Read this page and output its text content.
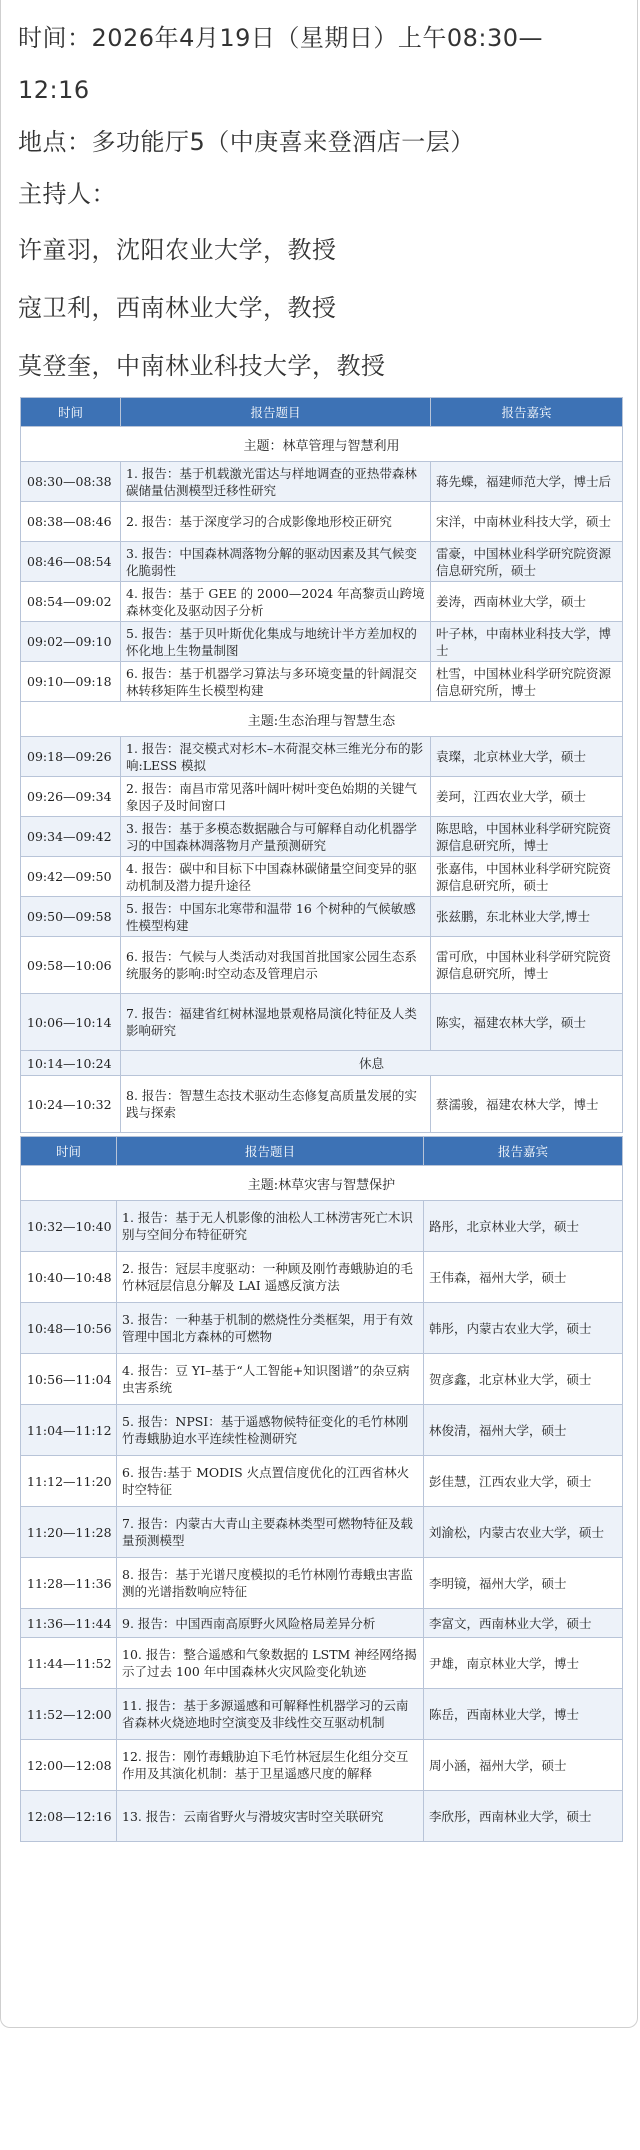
时间：2026年4月19日（星期日）上午08:30—

12:16

地点：多功能厅5（中庚喜来登酒店一层）

主持人：

许童羽，沈阳农业大学，教授

寇卫利，西南林业大学，教授

莫登奎，中南林业科技大学，教授

时间	报告题目	报告嘉宾
主题：林草管理与智慧利用		
08:30—08:38	1. 报告：基于机载激光雷达与样地调查的亚热带森林碳储量估测模型迁移性研究	蒋先蝶，福建师范大学，博士后
08:38—08:46	2. 报告：基于深度学习的合成影像地形校正研究	宋洋，中南林业科技大学，硕士
08:46—08:54	3. 报告：中国森林凋落物分解的驱动因素及其气候变化脆弱性	雷豪，中国林业科学研究院资源信息研究所，硕士
08:54—09:02	4. 报告：基于 GEE 的 2000—2024 年高黎贡山跨境森林变化及驱动因子分析	姜涛，西南林业大学，硕士
09:02—09:10	5. 报告：基于贝叶斯优化集成与地统计半方差加权的怀化地上生物量制图	叶子林，中南林业科技大学，博士
09:10—09:18	6. 报告：基于机器学习算法与多环境变量的针阔混交林转移矩阵生长模型构建	杜雪，中国林业科学研究院资源信息研究所，博士
主题:生态治理与智慧生态		
09:18—09:26	1. 报告：混交模式对杉木–木荷混交林三维光分布的影响:LESS 模拟	袁璨，北京林业大学，硕士
09:26—09:34	2. 报告：南昌市常见落叶阔叶树叶变色始期的关键气象因子及时间窗口	姜珂，江西农业大学，硕士
09:34—09:42	3. 报告：基于多模态数据融合与可解释自动化机器学习的中国森林凋落物月产量预测研究	陈思晗，中国林业科学研究院资源信息研究所，博士
09:42—09:50	4. 报告：碳中和目标下中国森林碳储量空间变异的驱动机制及潜力提升途径	张嘉伟，中国林业科学研究院资源信息研究所，硕士
09:50—09:58	5. 报告：中国东北寒带和温带 16 个树种的气候敏感性模型构建	张兹鹏，东北林业大学,博士
09:58—10:06	6. 报告：气候与人类活动对我国首批国家公园生态系统服务的影响:时空动态及管理启示	雷可欣，中国林业科学研究院资源信息研究所，博士
10:06—10:14	7. 报告：福建省红树林湿地景观格局演化特征及人类影响研究	陈实，福建农林大学，硕士
10:14—10:24	休息	
10:24—10:32	8. 报告：智慧生态技术驱动生态修复高质量发展的实践与探索	蔡濡骏，福建农林大学，博士
时间	报告题目	报告嘉宾
主题:林草灾害与智慧保护		
10:32—10:40	1. 报告：基于无人机影像的油松人工林涝害死亡木识别与空间分布特征研究	路彤，北京林业大学，硕士
10:40—10:48	2. 报告：冠层丰度驱动：一种顾及刚竹毒蛾胁迫的毛竹林冠层信息分解及 LAI 遥感反演方法	王伟森，福州大学，硕士
10:48—10:56	3. 报告：一种基于机制的燃烧性分类框架，用于有效管理中国北方森林的可燃物	韩彤，内蒙古农业大学，硕士
10:56—11:04	4. 报告：豆 YI–基于“人工智能+知识图谱”的杂豆病虫害系统	贺彦鑫，北京林业大学，硕士
11:04—11:12	5. 报告：NPSI：基于遥感物候特征变化的毛竹林刚竹毒蛾胁迫水平连续性检测研究	林俊清，福州大学，硕士
11:12—11:20	6. 报告:基于 MODIS 火点置信度优化的江西省林火时空特征	彭佳慧，江西农业大学，硕士
11:20—11:28	7. 报告：内蒙古大青山主要森林类型可燃物特征及载量预测模型	刘渝松，内蒙古农业大学，硕士
11:28—11:36	8. 报告：基于光谱尺度模拟的毛竹林刚竹毒蛾虫害监测的光谱指数响应特征	李明镜，福州大学，硕士
11:36—11:44	9. 报告：中国西南高原野火风险格局差异分析	李富文，西南林业大学，硕士
11:44—11:52	10. 报告：整合遥感和气象数据的 LSTM 神经网络揭示了过去 100 年中国森林火灾风险变化轨迹	尹雄，南京林业大学，博士
11:52—12:00	11. 报告：基于多源遥感和可解释性机器学习的云南省森林火烧迹地时空演变及非线性交互驱动机制	陈岳，西南林业大学，博士
12:00—12:08	12. 报告：刚竹毒蛾胁迫下毛竹林冠层生化组分交互作用及其演化机制：基于卫星遥感尺度的解释	周小涵，福州大学，硕士
12:08—12:16	13. 报告：云南省野火与滑坡灾害时空关联研究	李欣彤，西南林业大学，硕士
